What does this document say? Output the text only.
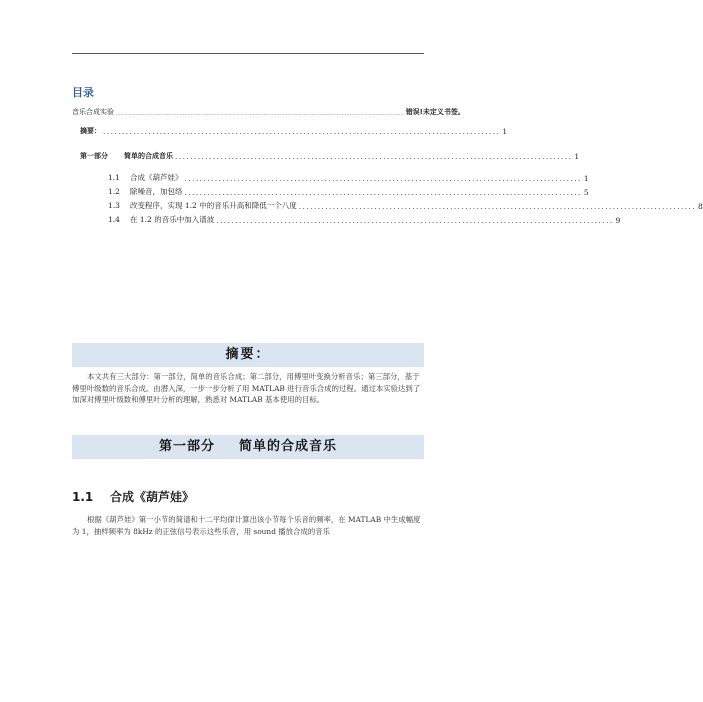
目录
音乐合成实验 ..................................................................................................................................................................................... 错误!未定义书签。
摘要： ......................................................................................................... 1
第一部分 简单的合成音乐 ......................................................................................................... 1
1.1 合成《葫芦娃》 ......................................................................................................... 1
1.2 除噪音，加包络 ......................................................................................................... 5
1.3 改变程序，实现 1.2 中的音乐升高和降低一个八度 ......................................................................................................... 8
1.4 在 1.2 的音乐中加入谱波 ......................................................................................................... 9
摘要：
本文共有三大部分：第一部分，简单的音乐合成；第二部分，用傅里叶变换分析音乐；第三部分，基于傅里叶级数的音乐合成。由潜入深，一步一步分析了用 MATLAB 进行音乐合成的过程。通过本实验达到了加深对傅里叶级数和傅里叶分析的理解，熟悉对 MATLAB 基本使用的目标。
第一部分 简单的合成音乐
1.1 合成《葫芦娃》
根据《葫芦娃》第一小节的简谱和十二平均律计算出该小节每个乐音的频率，在 MATLAB 中生成幅度为 1，抽样频率为 8kHz 的正弦信号表示这些乐音，用 sound 播放合成的音乐
